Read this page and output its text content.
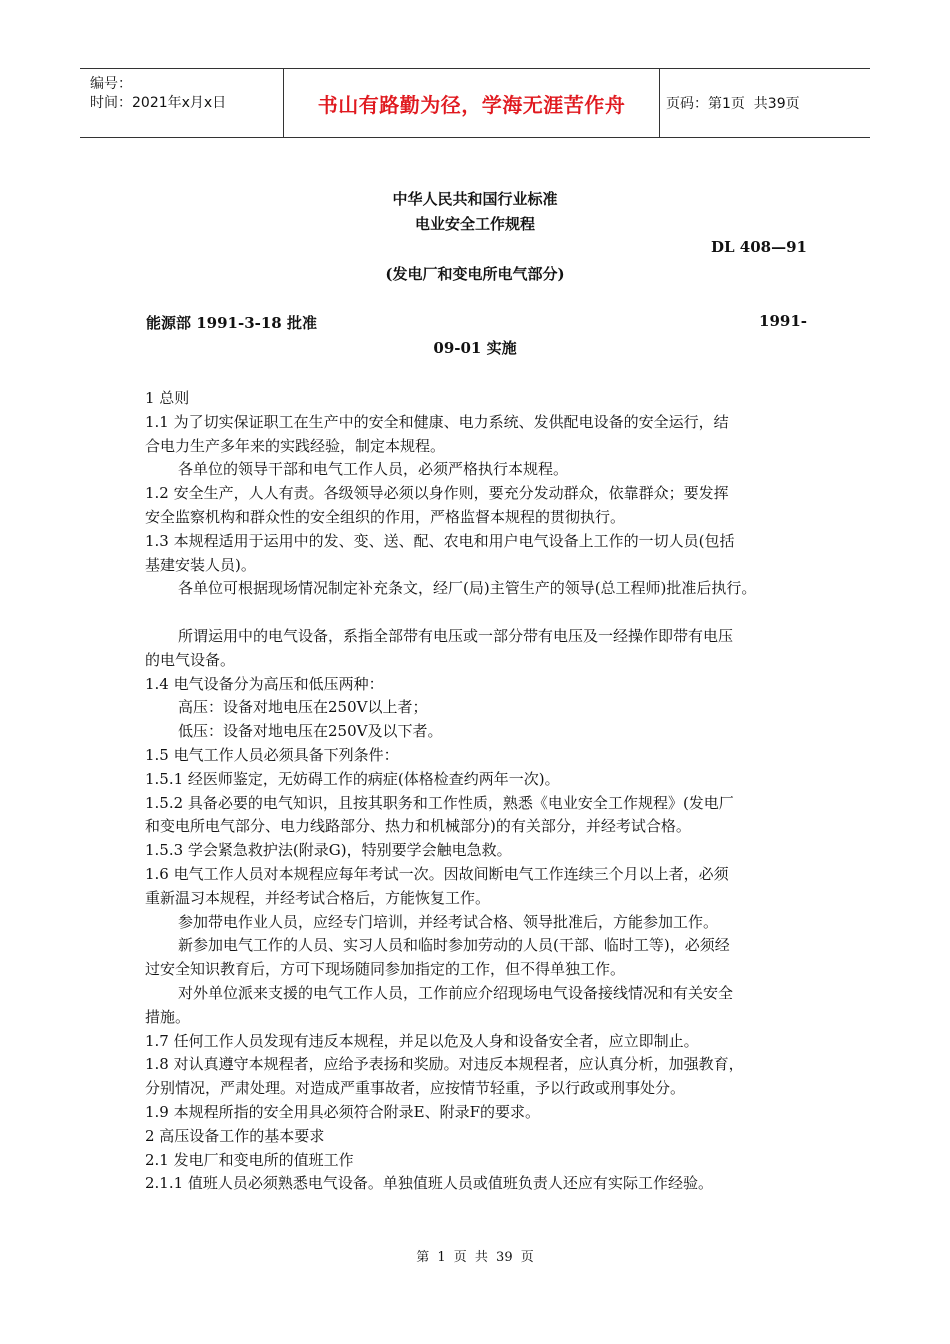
编号：
时间：2021年x月x日	书山有路勤为径，学海无涯苦作舟	页码：第1页  共39页
中华人民共和国行业标准
电业安全工作规程
DL 408—91
(发电厂和变电所电气部分)
能源部 1991-3-18 批准	1991-
09-01 实施
1 总则
1.1 为了切实保证职工在生产中的安全和健康、电力系统、发供配电设备的安全运行，结
合电力生产多年来的实践经验，制定本规程。
各单位的领导干部和电气工作人员，必须严格执行本规程。
1.2 安全生产，人人有责。各级领导必须以身作则，要充分发动群众，依靠群众；要发挥
安全监察机构和群众性的安全组织的作用，严格监督本规程的贯彻执行。
1.3 本规程适用于运用中的发、变、送、配、农电和用户电气设备上工作的一切人员(包括
基建安装人员)。
各单位可根据现场情况制定补充条文，经厂(局)主管生产的领导(总工程师)批准后执行。
所谓运用中的电气设备，系指全部带有电压或一部分带有电压及一经操作即带有电压
的电气设备。
1.4 电气设备分为高压和低压两种：
高压：设备对地电压在250V以上者；
低压：设备对地电压在250V及以下者。
1.5 电气工作人员必须具备下列条件：
1.5.1 经医师鉴定，无妨碍工作的病症(体格检查约两年一次)。
1.5.2 具备必要的电气知识，且按其职务和工作性质，熟悉《电业安全工作规程》(发电厂
和变电所电气部分、电力线路部分、热力和机械部分)的有关部分，并经考试合格。
1.5.3 学会紧急救护法(附录G)，特别要学会触电急救。
1.6 电气工作人员对本规程应每年考试一次。因故间断电气工作连续三个月以上者，必须
重新温习本规程，并经考试合格后，方能恢复工作。
参加带电作业人员，应经专门培训，并经考试合格、领导批准后，方能参加工作。
新参加电气工作的人员、实习人员和临时参加劳动的人员(干部、临时工等)，必须经
过安全知识教育后，方可下现场随同参加指定的工作，但不得单独工作。
对外单位派来支援的电气工作人员，工作前应介绍现场电气设备接线情况和有关安全
措施。
1.7 任何工作人员发现有违反本规程，并足以危及人身和设备安全者，应立即制止。
1.8 对认真遵守本规程者，应给予表扬和奖励。对违反本规程者，应认真分析，加强教育，
分别情况，严肃处理。对造成严重事故者，应按情节轻重，予以行政或刑事处分。
1.9 本规程所指的安全用具必须符合附录E、附录F的要求。
2 高压设备工作的基本要求
2.1 发电厂和变电所的值班工作
2.1.1 值班人员必须熟悉电气设备。单独值班人员或值班负责人还应有实际工作经验。
第 1 页 共 39 页
